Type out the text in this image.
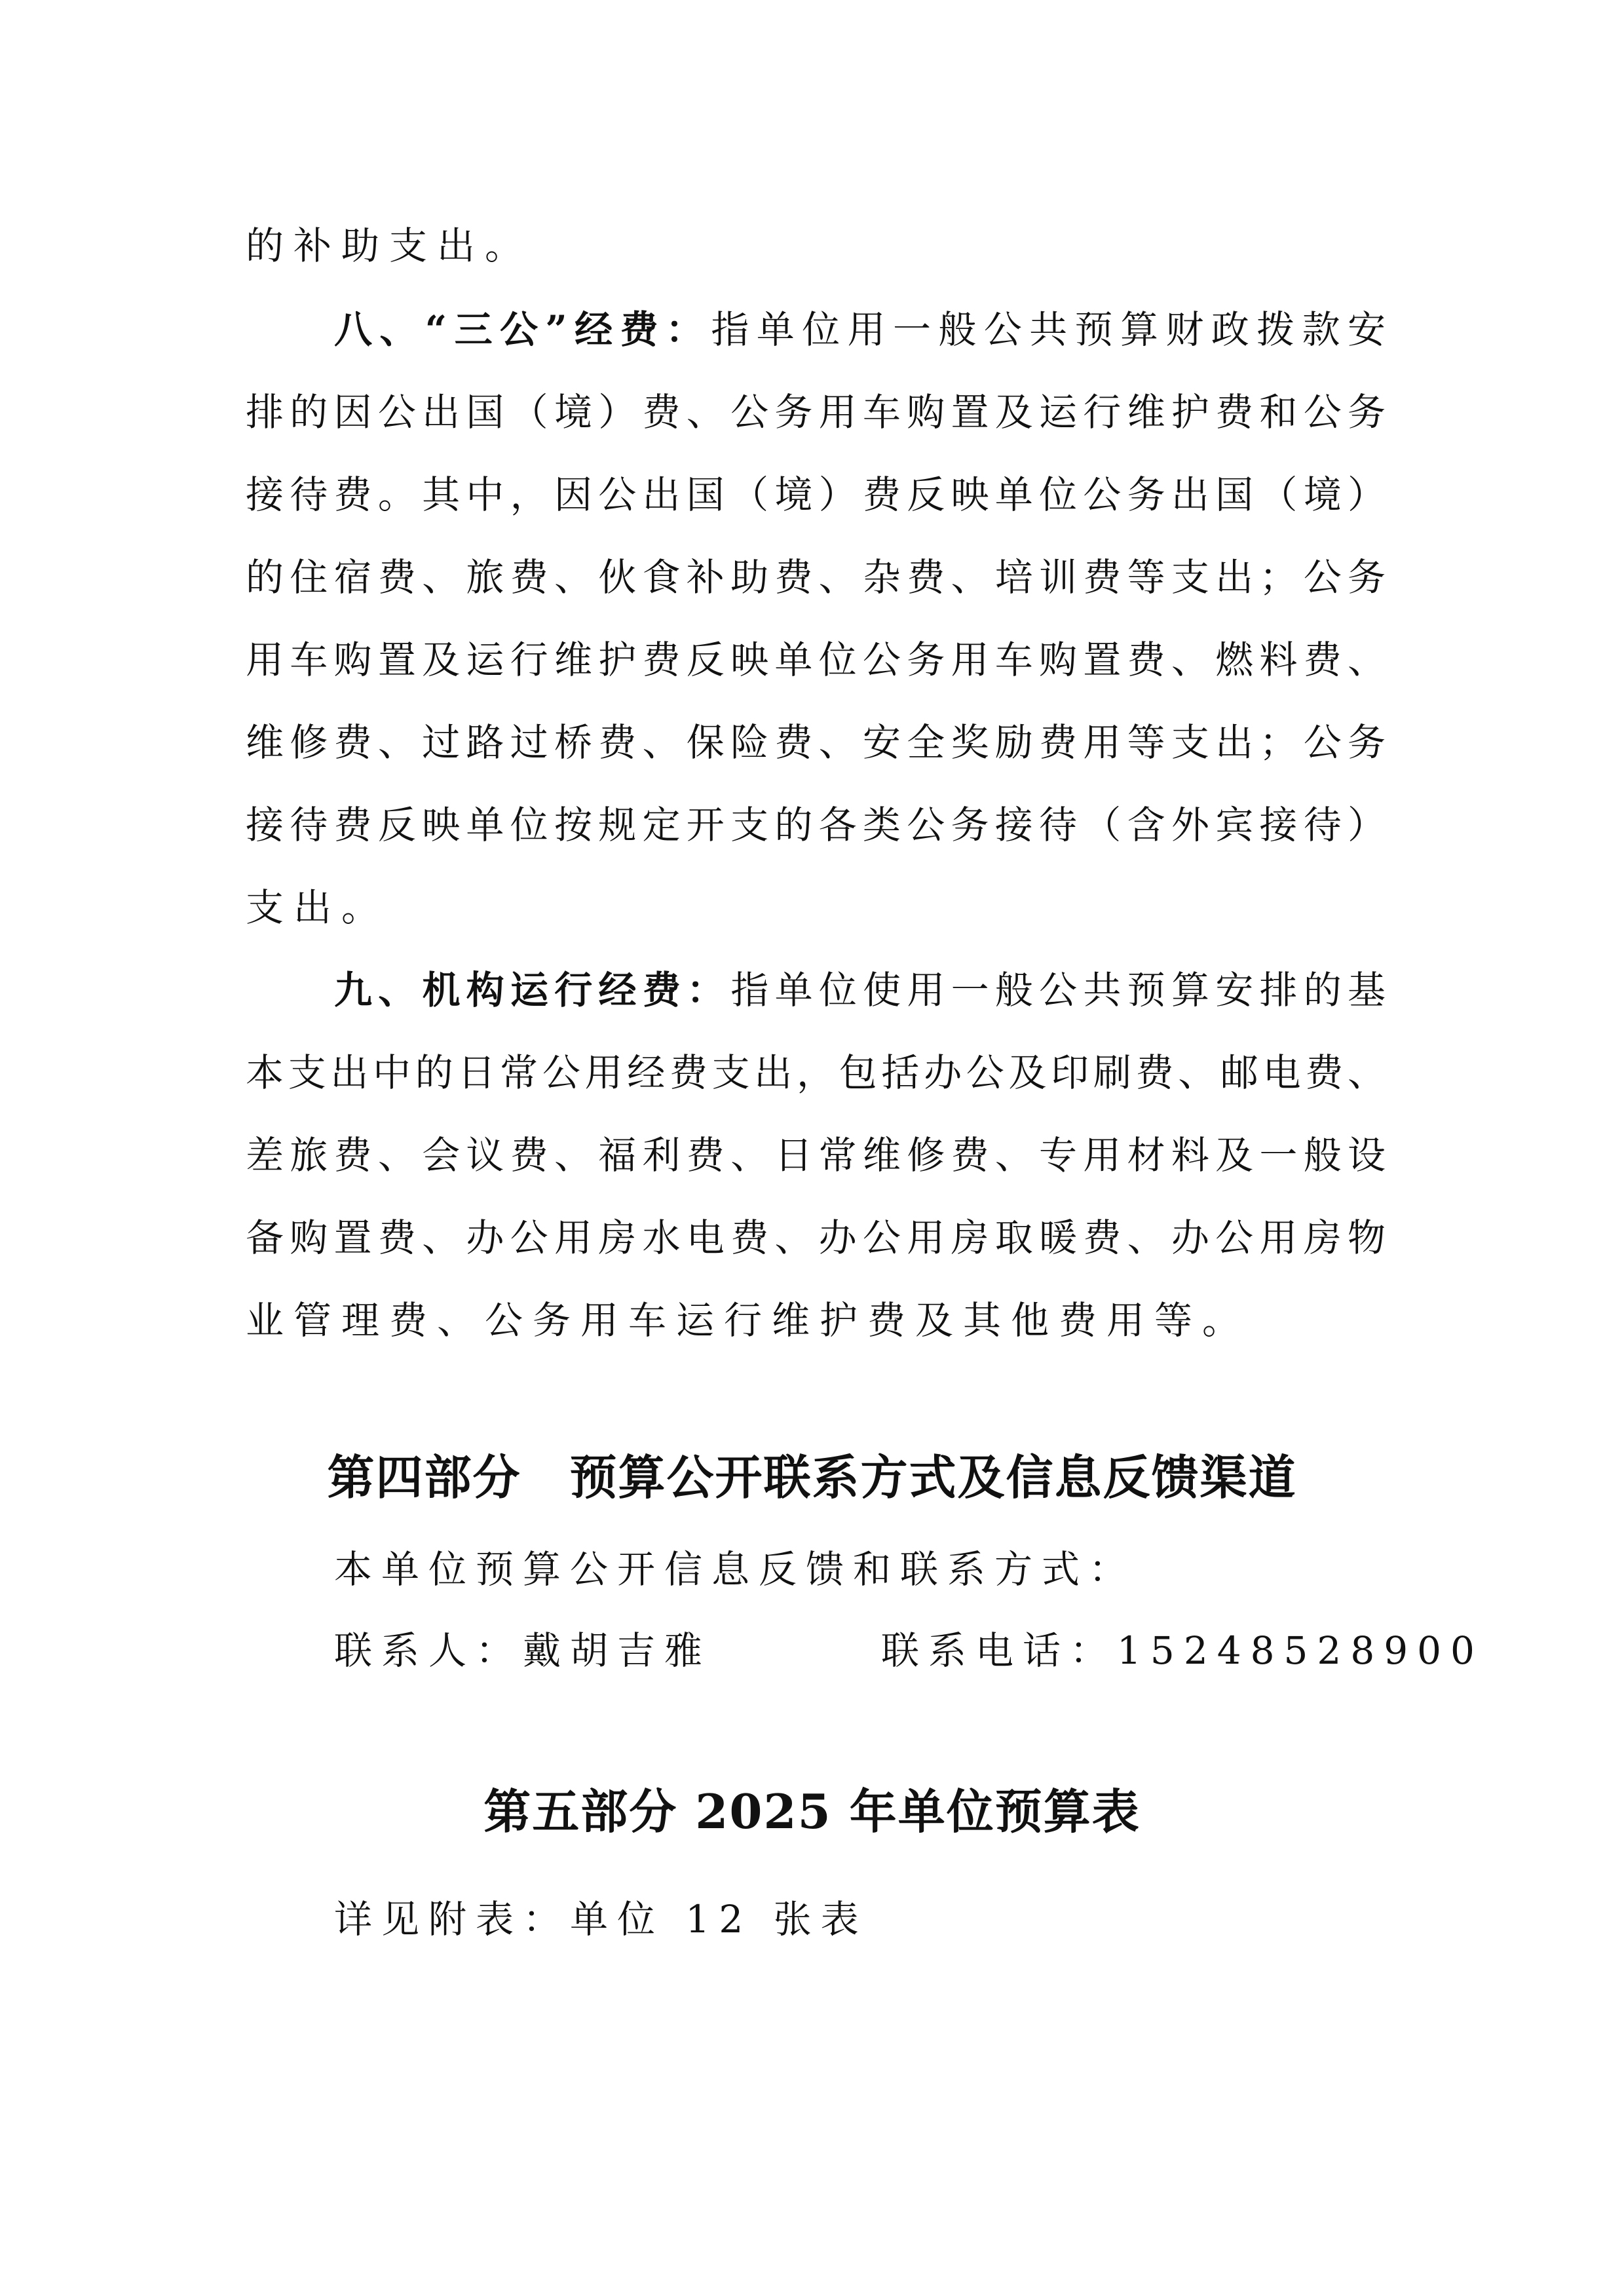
的补助支出。
八、“三公”经费：指单位用一般公共预算财政拨款安
排的因公出国（境）费、公务用车购置及运行维护费和公务
接待费。其中，因公出国（境）费反映单位公务出国（境）
的住宿费、旅费、伙食补助费、杂费、培训费等支出；公务
用车购置及运行维护费反映单位公务用车购置费、燃料费、
维修费、过路过桥费、保险费、安全奖励费用等支出；公务
接待费反映单位按规定开支的各类公务接待（含外宾接待）
支出。
九、机构运行经费：指单位使用一般公共预算安排的基
本支出中的日常公用经费支出，包括办公及印刷费、邮电费、
差旅费、会议费、福利费、日常维修费、专用材料及一般设
备购置费、办公用房水电费、办公用房取暖费、办公用房物
业管理费、公务用车运行维护费及其他费用等。
第四部分　预算公开联系方式及信息反馈渠道
本单位预算公开信息反馈和联系方式：
联系人：戴胡吉雅	联系电话：15248528900
第五部分 2025 年单位预算表
详见附表：单位 12 张表
